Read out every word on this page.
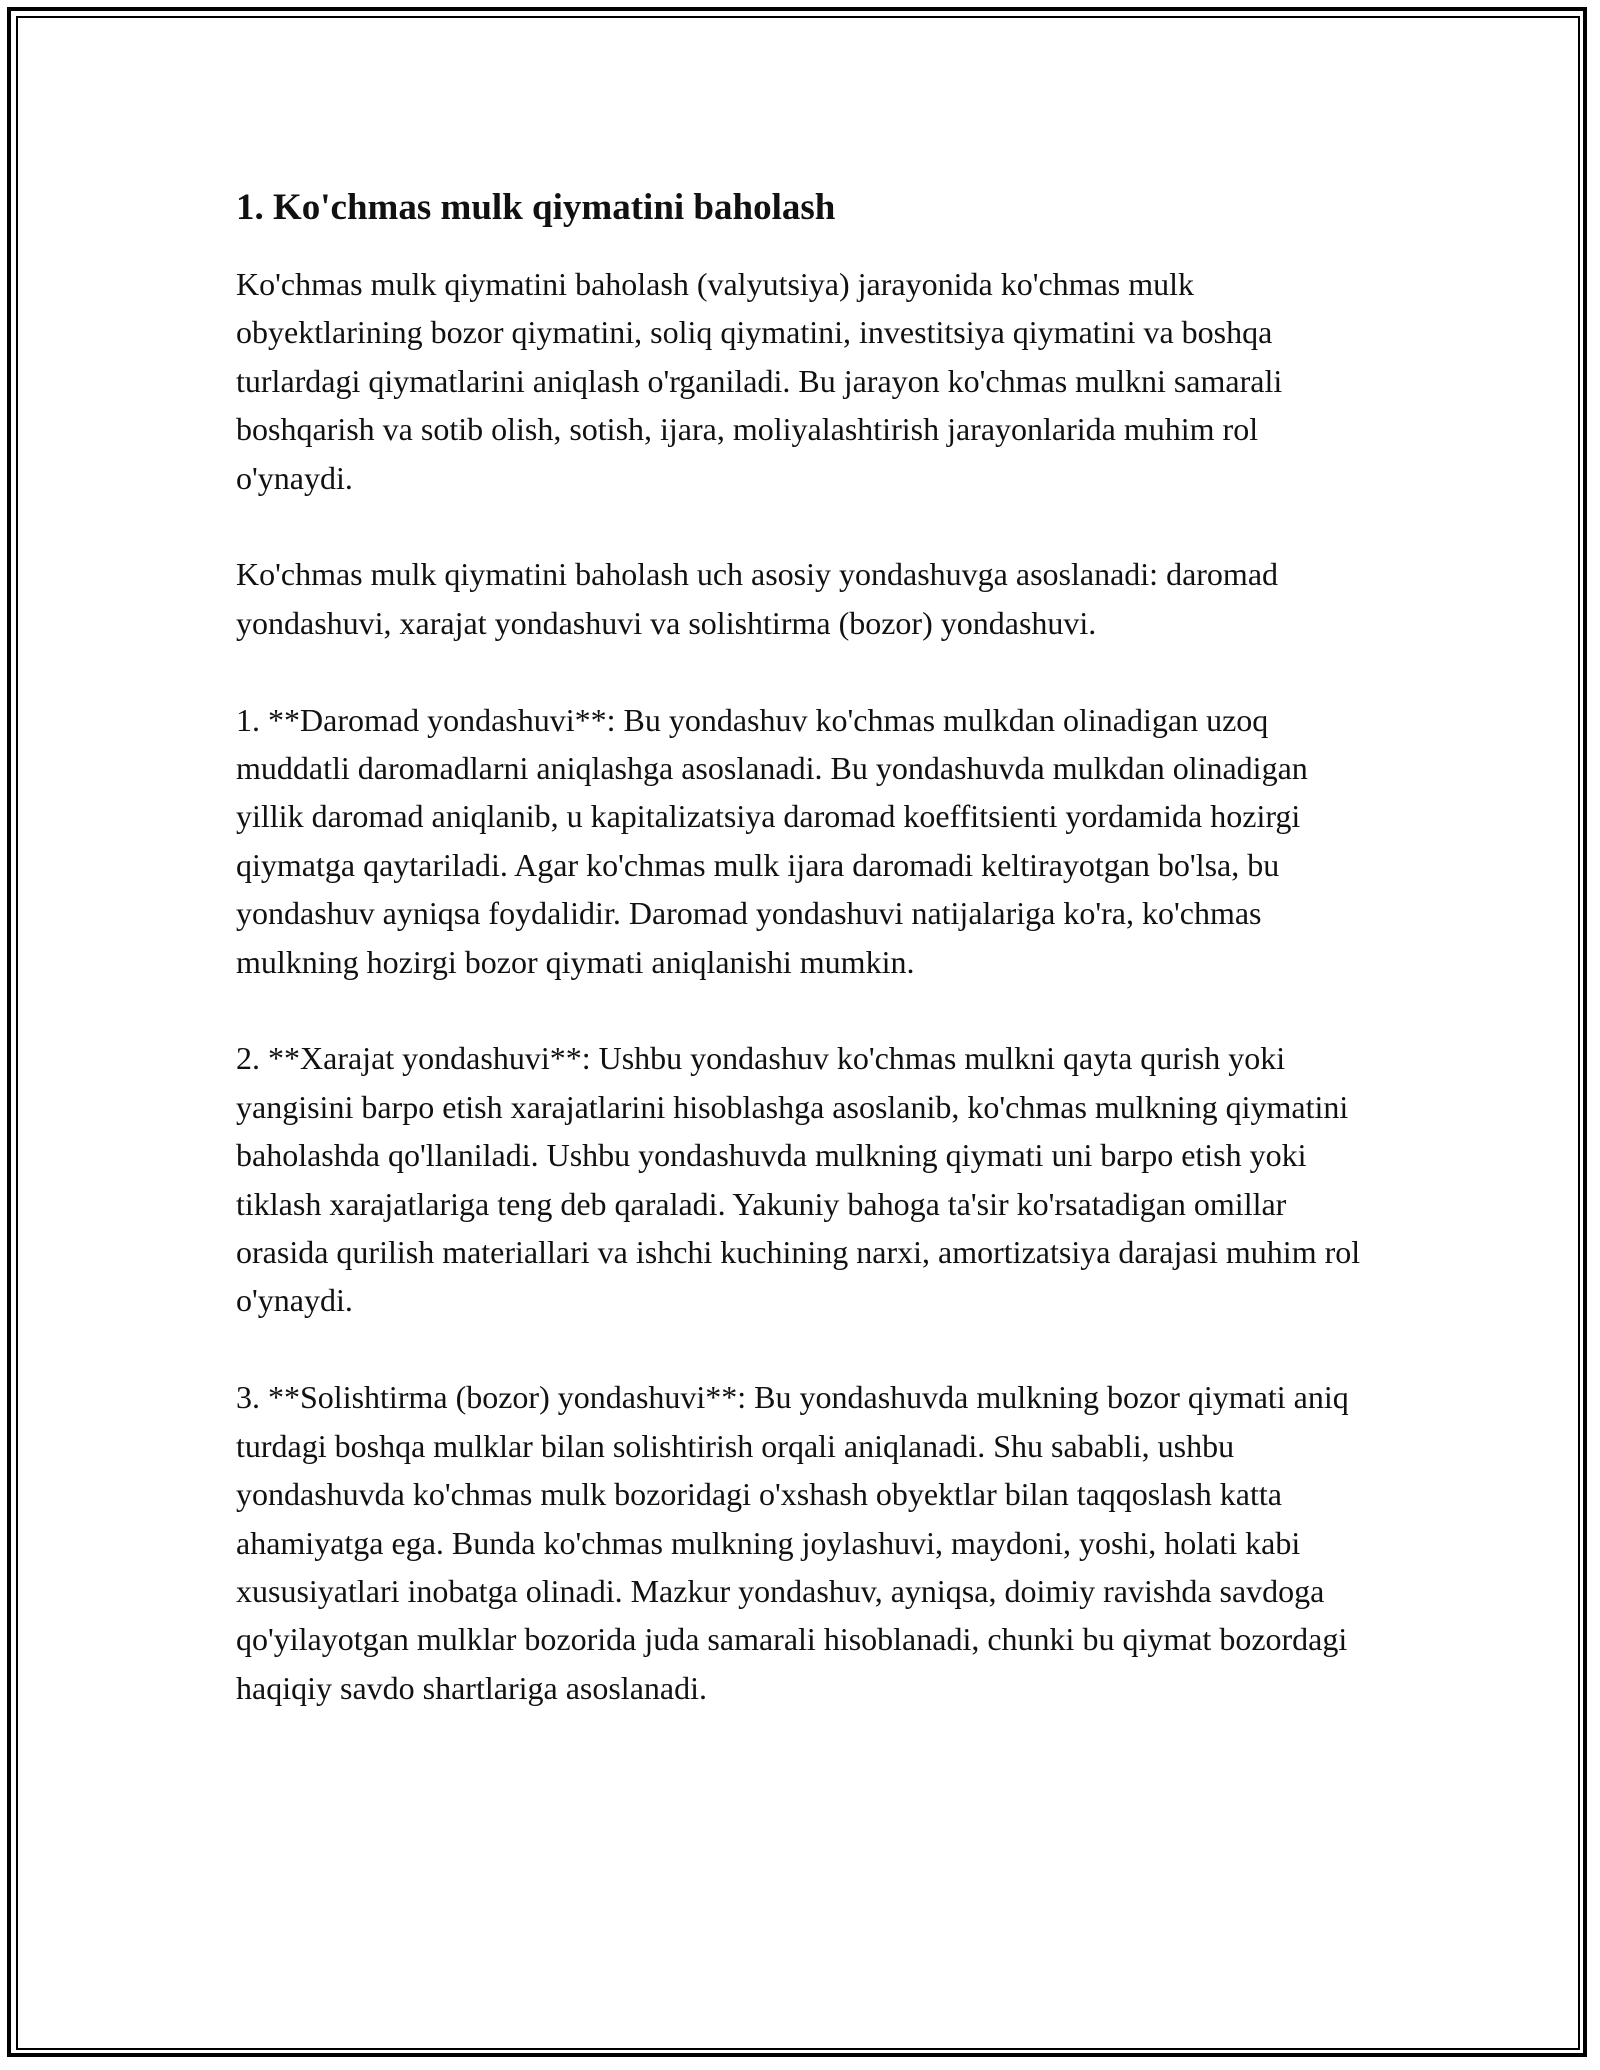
1. Ko'chmas mulk qiymatini baholash

Ko'chmas mulk qiymatini baholash (valyutsiya) jarayonida ko'chmas mulk obyektlarining bozor qiymatini, soliq qiymatini, investitsiya qiymatini va boshqa turlardagi qiymatlarini aniqlash o'rganiladi. Bu jarayon ko'chmas mulkni samarali boshqarish va sotib olish, sotish, ijara, moliyalashtirish jarayonlarida muhim rol o'ynaydi.

Ko'chmas mulk qiymatini baholash uch asosiy yondashuvga asoslanadi: daromad yondashuvi, xarajat yondashuvi va solishtirma (bozor) yondashuvi.

1. **Daromad yondashuvi**: Bu yondashuv ko'chmas mulkdan olinadigan uzoq muddatli daromadlarni aniqlashga asoslanadi. Bu yondashuvda mulkdan olinadigan yillik daromad aniqlanib, u kapitalizatsiya daromad koeffitsienti yordamida hozirgi qiymatga qaytariladi. Agar ko'chmas mulk ijara daromadi keltirayotgan bo'lsa, bu yondashuv ayniqsa foydalidir. Daromad yondashuvi natijalariga ko'ra, ko'chmas mulkning hozirgi bozor qiymati aniqlanishi mumkin.

2. **Xarajat yondashuvi**: Ushbu yondashuv ko'chmas mulkni qayta qurish yoki yangisini barpo etish xarajatlarini hisoblashga asoslanib, ko'chmas mulkning qiymatini baholashda qo'llaniladi. Ushbu yondashuvda mulkning qiymati uni barpo etish yoki tiklash xarajatlariga teng deb qaraladi. Yakuniy bahoga ta'sir ko'rsatadigan omillar orasida qurilish materiallari va ishchi kuchining narxi, amortizatsiya darajasi muhim rol o'ynaydi.

3. **Solishtirma (bozor) yondashuvi**: Bu yondashuvda mulkning bozor qiymati aniq turdagi boshqa mulklar bilan solishtirish orqali aniqlanadi. Shu sababli, ushbu yondashuvda ko'chmas mulk bozoridagi o'xshash obyektlar bilan taqqoslash katta ahamiyatga ega. Bunda ko'chmas mulkning joylashuvi, maydoni, yoshi, holati kabi xususiyatlari inobatga olinadi. Mazkur yondashuv, ayniqsa, doimiy ravishda savdoga qo'yilayotgan mulklar bozorida juda samarali hisoblanadi, chunki bu qiymat bozordagi haqiqiy savdo shartlariga asoslanadi.
